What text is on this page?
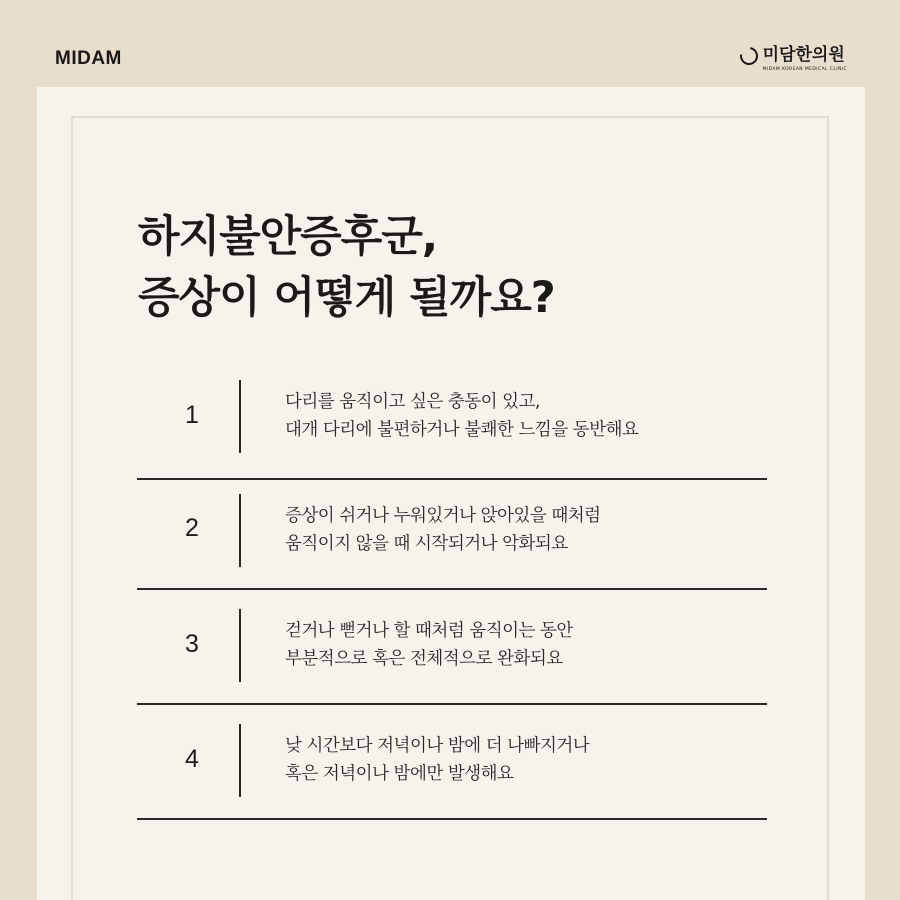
MIDAM	미담한의원
MIDAM KOREAN MEDICAL CLINIC
하지불안증후군,
증상이 어떻게 될까요?
1	다리를 움직이고 싶은 충동이 있고,
대개 다리에 불편하거나 불쾌한 느낌을 동반해요
2	증상이 쉬거나 누워있거나 앉아있을 때처럼
움직이지 않을 때 시작되거나 악화되요
3	걷거나 뻗거나 할 때처럼 움직이는 동안
부분적으로 혹은 전체적으로 완화되요
4	낮 시간보다 저녁이나 밤에 더 나빠지거나
혹은 저녁이나 밤에만 발생해요
